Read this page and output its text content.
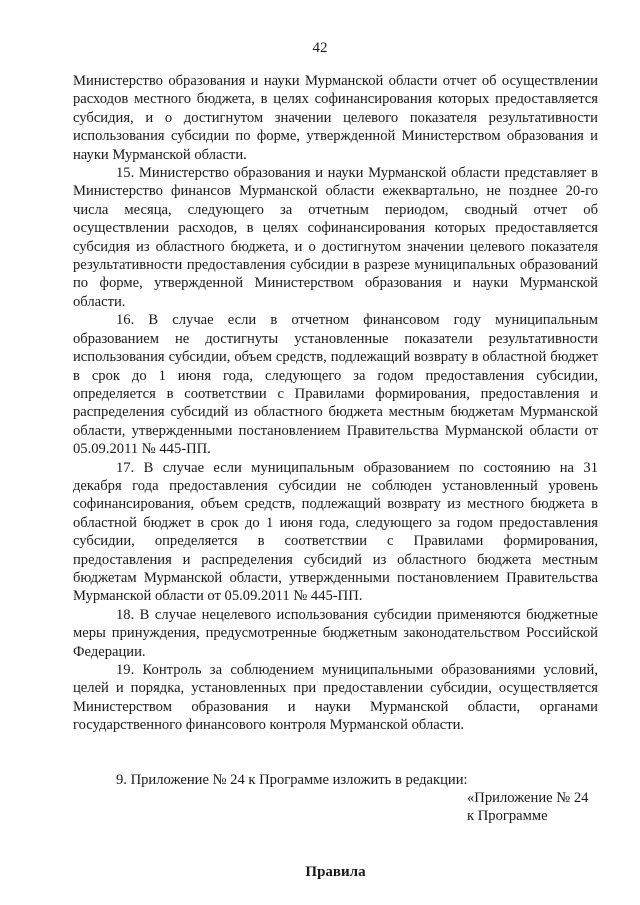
42

Министерство образования и науки Мурманской области отчет об осуществлении расходов местного бюджета, в целях софинансирования которых предоставляется субсидия, и о достигнутом значении целевого показателя результативности использования субсидии по форме, утвержденной Министерством образования и науки Мурманской области.

15. Министерство образования и науки Мурманской области представляет в Министерство финансов Мурманской области ежеквартально, не позднее 20-го числа месяца, следующего за отчетным периодом, сводный отчет об осуществлении расходов, в целях софинансирования которых предоставляется субсидия из областного бюджета, и о достигнутом значении целевого показателя результативности предоставления субсидии в разрезе муниципальных образований по форме, утвержденной Министерством образования и науки Мурманской области.

16. В случае если в отчетном финансовом году муниципальным образованием не достигнуты установленные показатели результативности использования субсидии, объем средств, подлежащий возврату в областной бюджет в срок до 1 июня года, следующего за годом предоставления субсидии, определяется в соответствии с Правилами формирования, предоставления и распределения субсидий из областного бюджета местным бюджетам Мурманской области, утвержденными постановлением Правительства Мурманской области от 05.09.2011 № 445-ПП.

17. В случае если муниципальным образованием по состоянию на 31 декабря года предоставления субсидии не соблюден установленный уровень софинансирования, объем средств, подлежащий возврату из местного бюджета в областной бюджет в срок до 1 июня года, следующего за годом предоставления субсидии, определяется в соответствии с Правилами формирования, предоставления и распределения субсидий из областного бюджета местным бюджетам Мурманской области, утвержденными постановлением Правительства Мурманской области от 05.09.2011 № 445-ПП.

18. В случае нецелевого использования субсидии применяются бюджетные меры принуждения, предусмотренные бюджетным законодательством Российской Федерации.

19. Контроль за соблюдением муниципальными образованиями условий, целей и порядка, установленных при предоставлении субсидии, осуществляется Министерством образования и науки Мурманской области, органами государственного финансового контроля Мурманской области.

9. Приложение № 24 к Программе изложить в редакции:

«Приложение № 24

к Программе

Правила
